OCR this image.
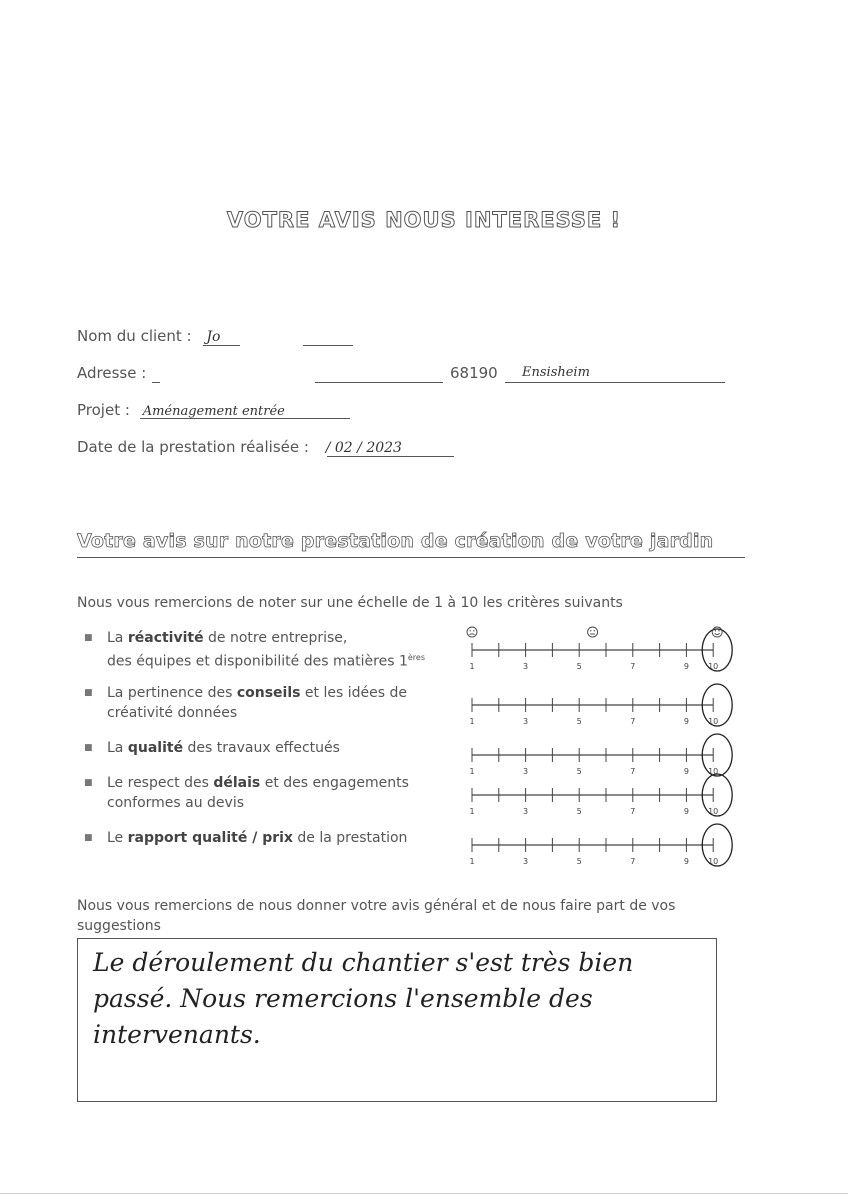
VOTRE AVIS NOUS INTERESSE !
Nom du client : Jo
Adresse :	68190 Ensisheim
Projet : Aménagement entrée
Date de la prestation réalisée : / 02 / 2023
Votre avis sur notre prestation de création de votre jardin
Nous vous remercions de noter sur une échelle de 1 à 10 les critères suivants
■ La réactivité de notre entreprise,
des équipes et disponibilité des matières 1ères
■ La pertinence des conseils et les idées de
créativité données
■ La qualité des travaux effectués
■ Le respect des délais et des engagements
conformes au devis
■ Le rapport qualité / prix de la prestation
1	3	5	7	9 10
1	3	5	7	9 10
1	3	5	7	9 10
1	3	5	7	9 10
1	3	5	7	9 10
Nous vous remercions de nous donner votre avis général et de nous faire part de vos suggestions
Le déroulement du chantier s'est très bien passé. Nous remercions l'ensemble des intervenants.
